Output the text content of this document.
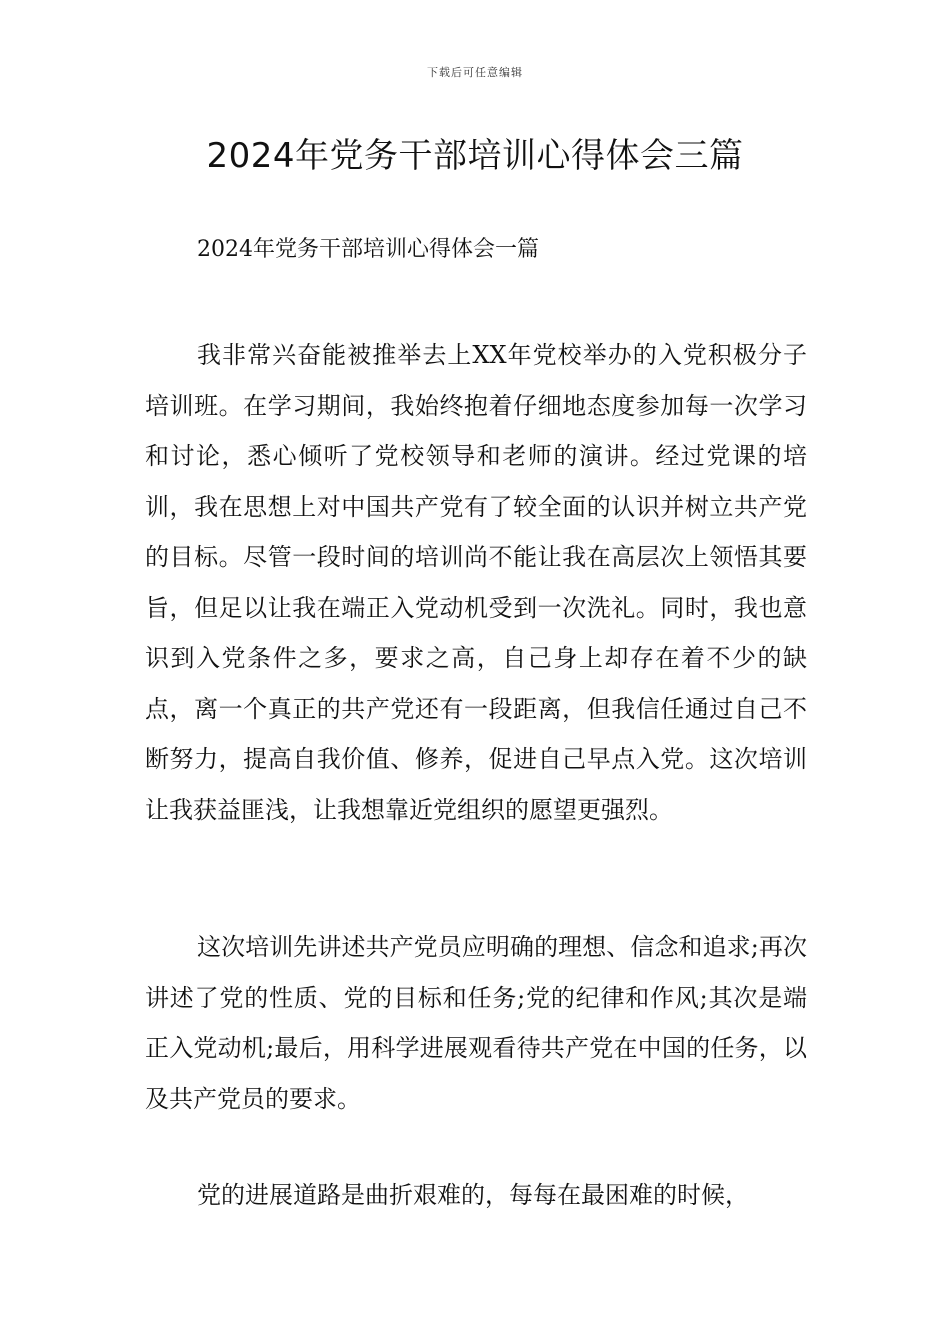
下载后可任意编辑
2024年党务干部培训心得体会三篇
2024年党务干部培训心得体会一篇

我非常兴奋能被推举去上XX年党校举办的入党积极分子培训班。在学习期间，我始终抱着仔细地态度参加每一次学习和讨论，悉心倾听了党校领导和老师的演讲。经过党课的培训，我在思想上对中国共产党有了较全面的认识并树立共产党的目标。尽管一段时间的培训尚不能让我在高层次上领悟其要旨，但足以让我在端正入党动机受到一次洗礼。同时，我也意识到入党条件之多，要求之高，自己身上却存在着不少的缺点，离一个真正的共产党还有一段距离，但我信任通过自己不断努力，提高自我价值、修养，促进自己早点入党。这次培训让我获益匪浅，让我想靠近党组织的愿望更强烈。

这次培训先讲述共产党员应明确的理想、信念和追求;再次讲述了党的性质、党的目标和任务;党的纪律和作风;其次是端正入党动机;最后，用科学进展观看待共产党在中国的任务，以及共产党员的要求。

党的进展道路是曲折艰难的，每每在最困难的时候，
